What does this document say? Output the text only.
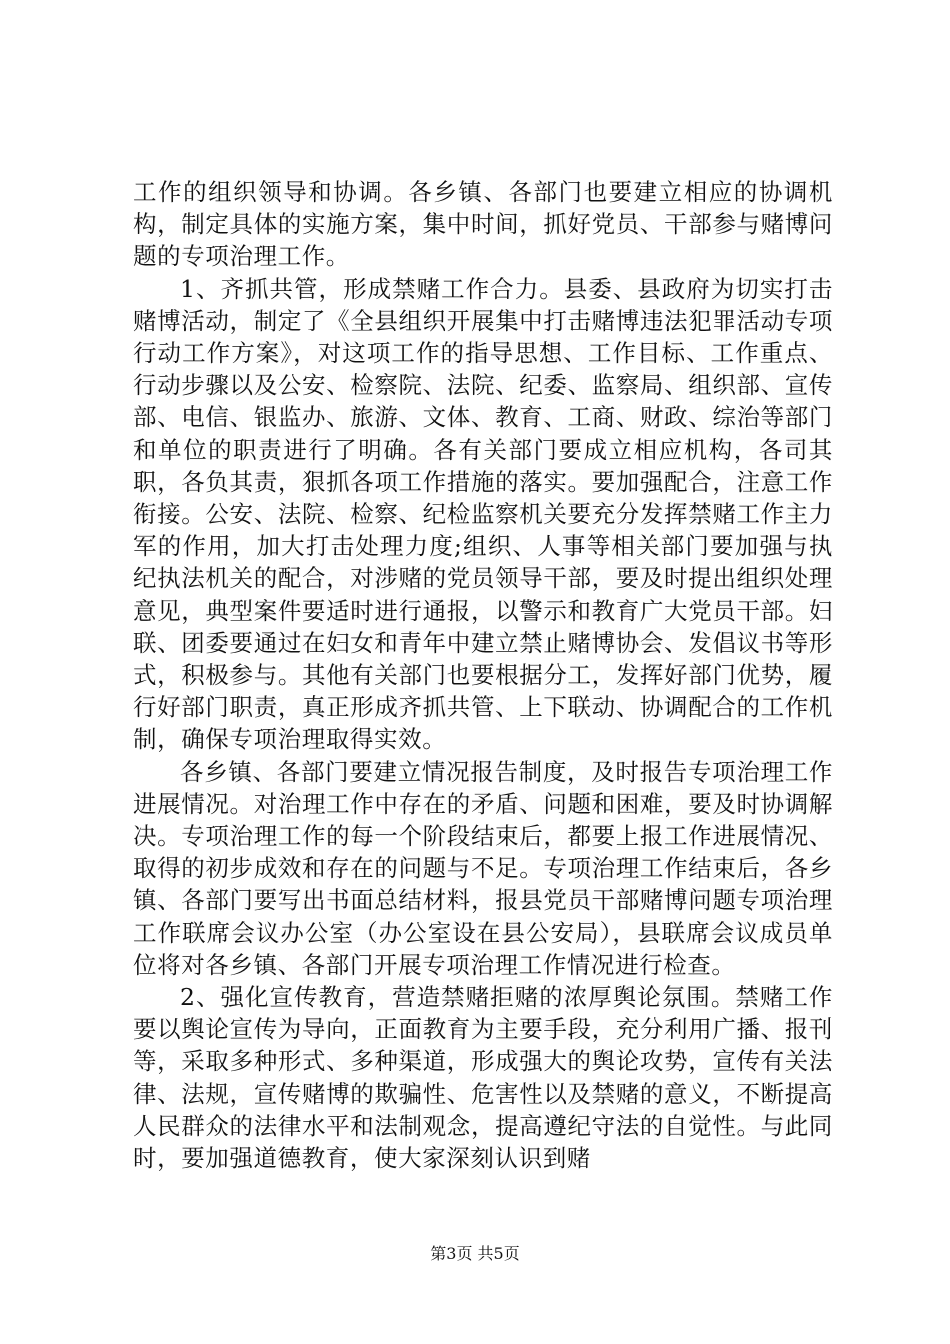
工作的组织领导和协调。各乡镇、各部门也要建立相应的协调机构，制定具体的实施方案，集中时间，抓好党员、干部参与赌博问题的专项治理工作。

1、齐抓共管，形成禁赌工作合力。县委、县政府为切实打击赌博活动，制定了《全县组织开展集中打击赌博违法犯罪活动专项行动工作方案》，对这项工作的指导思想、工作目标、工作重点、行动步骤以及公安、检察院、法院、纪委、监察局、组织部、宣传部、电信、银监办、旅游、文体、教育、工商、财政、综治等部门和单位的职责进行了明确。各有关部门要成立相应机构，各司其职，各负其责，狠抓各项工作措施的落实。要加强配合，注意工作衔接。公安、法院、检察、纪检监察机关要充分发挥禁赌工作主力军的作用，加大打击处理力度;组织、人事等相关部门要加强与执纪执法机关的配合，对涉赌的党员领导干部，要及时提出组织处理意见，典型案件要适时进行通报，以警示和教育广大党员干部。妇联、团委要通过在妇女和青年中建立禁止赌博协会、发倡议书等形式，积极参与。其他有关部门也要根据分工，发挥好部门优势，履行好部门职责，真正形成齐抓共管、上下联动、协调配合的工作机制，确保专项治理取得实效。

各乡镇、各部门要建立情况报告制度，及时报告专项治理工作进展情况。对治理工作中存在的矛盾、问题和困难，要及时协调解决。专项治理工作的每一个阶段结束后，都要上报工作进展情况、取得的初步成效和存在的问题与不足。专项治理工作结束后，各乡镇、各部门要写出书面总结材料，报县党员干部赌博问题专项治理工作联席会议办公室（办公室设在县公安局），县联席会议成员单位将对各乡镇、各部门开展专项治理工作情况进行检查。

2、强化宣传教育，营造禁赌拒赌的浓厚舆论氛围。禁赌工作要以舆论宣传为导向，正面教育为主要手段，充分利用广播、报刊等，采取多种形式、多种渠道，形成强大的舆论攻势，宣传有关法律、法规，宣传赌博的欺骗性、危害性以及禁赌的意义，不断提高人民群众的法律水平和法制观念，提高遵纪守法的自觉性。与此同时，要加强道德教育，使大家深刻认识到赌

第3页 共5页
